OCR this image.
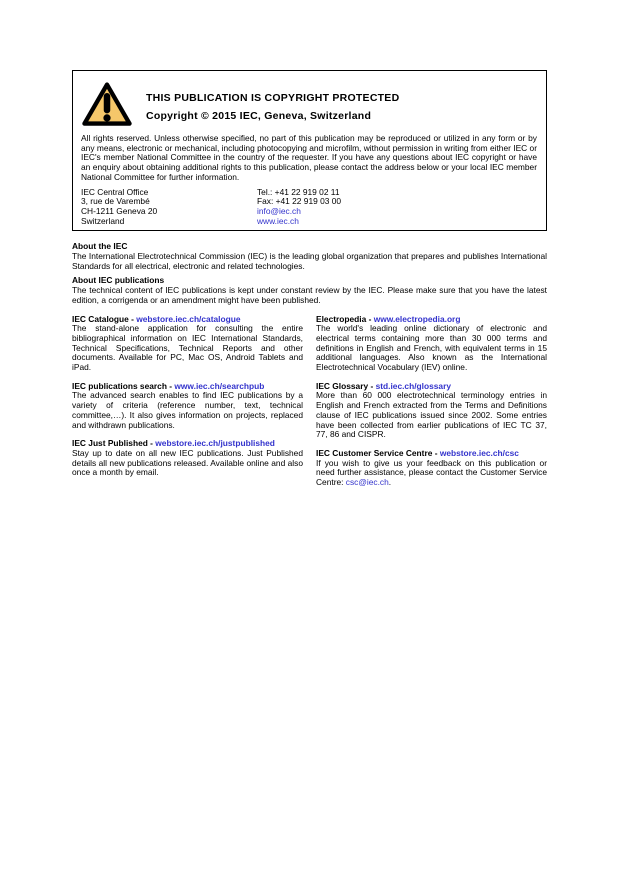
THIS PUBLICATION IS COPYRIGHT PROTECTED
Copyright © 2015 IEC, Geneva, Switzerland

All rights reserved. Unless otherwise specified, no part of this publication may be reproduced or utilized in any form or by any means, electronic or mechanical, including photocopying and microfilm, without permission in writing from either IEC or IEC's member National Committee in the country of the requester. If you have any questions about IEC copyright or have an enquiry about obtaining additional rights to this publication, please contact the address below or your local IEC member National Committee for further information.

IEC Central Office
3, rue de Varembé
CH-1211 Geneva 20
Switzerland
Tel.: +41 22 919 02 11
Fax: +41 22 919 03 00
info@iec.ch
www.iec.ch
About the IEC
The International Electrotechnical Commission (IEC) is the leading global organization that prepares and publishes International Standards for all electrical, electronic and related technologies.
About IEC publications
The technical content of IEC publications is kept under constant review by the IEC. Please make sure that you have the latest edition, a corrigenda or an amendment might have been published.
IEC Catalogue - webstore.iec.ch/catalogue
The stand-alone application for consulting the entire bibliographical information on IEC International Standards, Technical Specifications, Technical Reports and other documents. Available for PC, Mac OS, Android Tablets and iPad.
IEC publications search - www.iec.ch/searchpub
The advanced search enables to find IEC publications by a variety of criteria (reference number, text, technical committee,…). It also gives information on projects, replaced and withdrawn publications.
IEC Just Published - webstore.iec.ch/justpublished
Stay up to date on all new IEC publications. Just Published details all new publications released. Available online and also once a month by email.
Electropedia - www.electropedia.org
The world's leading online dictionary of electronic and electrical terms containing more than 30 000 terms and definitions in English and French, with equivalent terms in 15 additional languages. Also known as the International Electrotechnical Vocabulary (IEV) online.
IEC Glossary - std.iec.ch/glossary
More than 60 000 electrotechnical terminology entries in English and French extracted from the Terms and Definitions clause of IEC publications issued since 2002. Some entries have been collected from earlier publications of IEC TC 37, 77, 86 and CISPR.
IEC Customer Service Centre - webstore.iec.ch/csc
If you wish to give us your feedback on this publication or need further assistance, please contact the Customer Service Centre: csc@iec.ch.
